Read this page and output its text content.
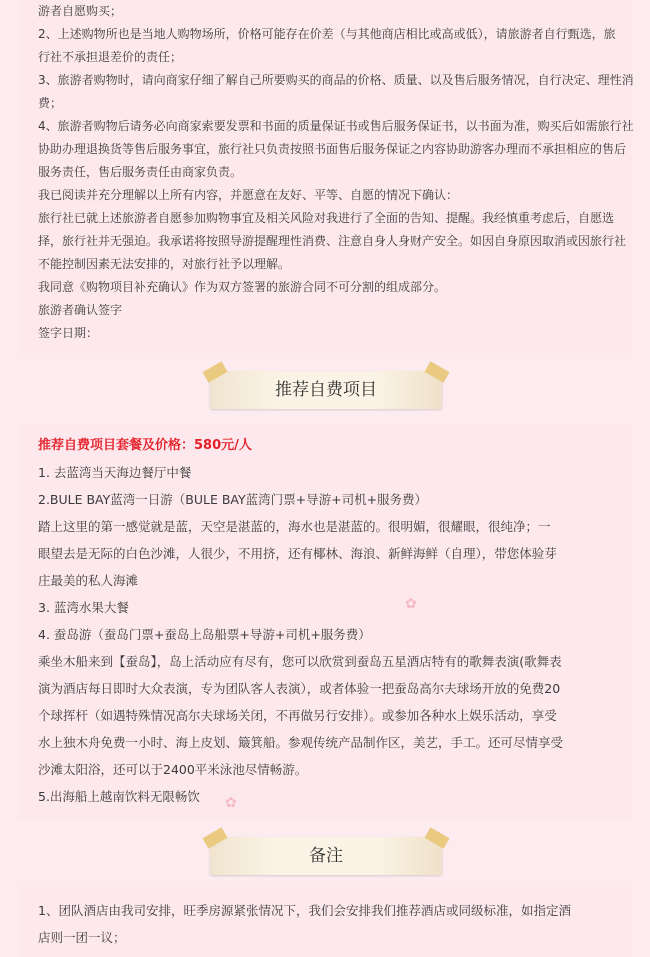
游者自愿购买；
2、上述购物所也是当地人购物场所，价格可能存在价差（与其他商店相比或高或低），请旅游者自行甄选，旅
行社不承担退差价的责任；
3、旅游者购物时，请向商家仔细了解自己所要购买的商品的价格、质量、以及售后服务情况，自行决定、理性消
费；
4、旅游者购物后请务必向商家索要发票和书面的质量保证书或售后服务保证书，以书面为准，购买后如需旅行社
协助办理退换货等售后服务事宜，旅行社只负责按照书面售后服务保证之内容协助游客办理而不承担相应的售后
服务责任，售后服务责任由商家负责。
我已阅读并充分理解以上所有内容，并愿意在友好、平等、自愿的情况下确认：
旅行社已就上述旅游者自愿参加购物事宜及相关风险对我进行了全面的告知、提醒。我经慎重考虑后，自愿选
择，旅行社并无强迫。我承诺将按照导游提醒理性消费、注意自身人身财产安全。如因自身原因取消或因旅行社
不能控制因素无法安排的，对旅行社予以理解。
我同意《购物项目补充确认》作为双方签署的旅游合同不可分割的组成部分。
旅游者确认签字
签字日期：
推荐自费项目
推荐自费项目套餐及价格：580元/人
1. 去蓝湾当天海边餐厅中餐
2.BULE BAY蓝湾一日游（BULE BAY蓝湾门票+导游+司机+服务费）
踏上这里的第一感觉就是蓝，天空是湛蓝的，海水也是湛蓝的。很明媚，很耀眼，很纯净；一
眼望去是无际的白色沙滩，人很少，不用挤，还有椰林、海浪、新鲜海鲜（自理），带您体验芽
庄最美的私人海滩
3. 蓝湾水果大餐
4. 蚕岛游（蚕岛门票+蚕岛上岛船票+导游+司机+服务费）
乘坐木船来到【蚕岛】，岛上活动应有尽有，您可以欣赏到蚕岛五星酒店特有的歌舞表演(歌舞表
演为酒店每日即时大众表演，专为团队客人表演），或者体验一把蚕岛高尔夫球场开放的免费20
个球挥杆（如遇特殊情况高尔夫球场关闭，不再做另行安排）。或参加各种水上娱乐活动，享受
水上独木舟免费一小时、海上皮划、簸箕船。参观传统产品制作区，美艺，手工。还可尽情享受
沙滩太阳浴，还可以于2400平米泳池尽情畅游。
5.出海船上越南饮料无限畅饮
✿
✿
备注
1、团队酒店由我司安排，旺季房源紧张情况下，我们会安排我们推荐酒店或同级标准，如指定酒
店则一团一议；
